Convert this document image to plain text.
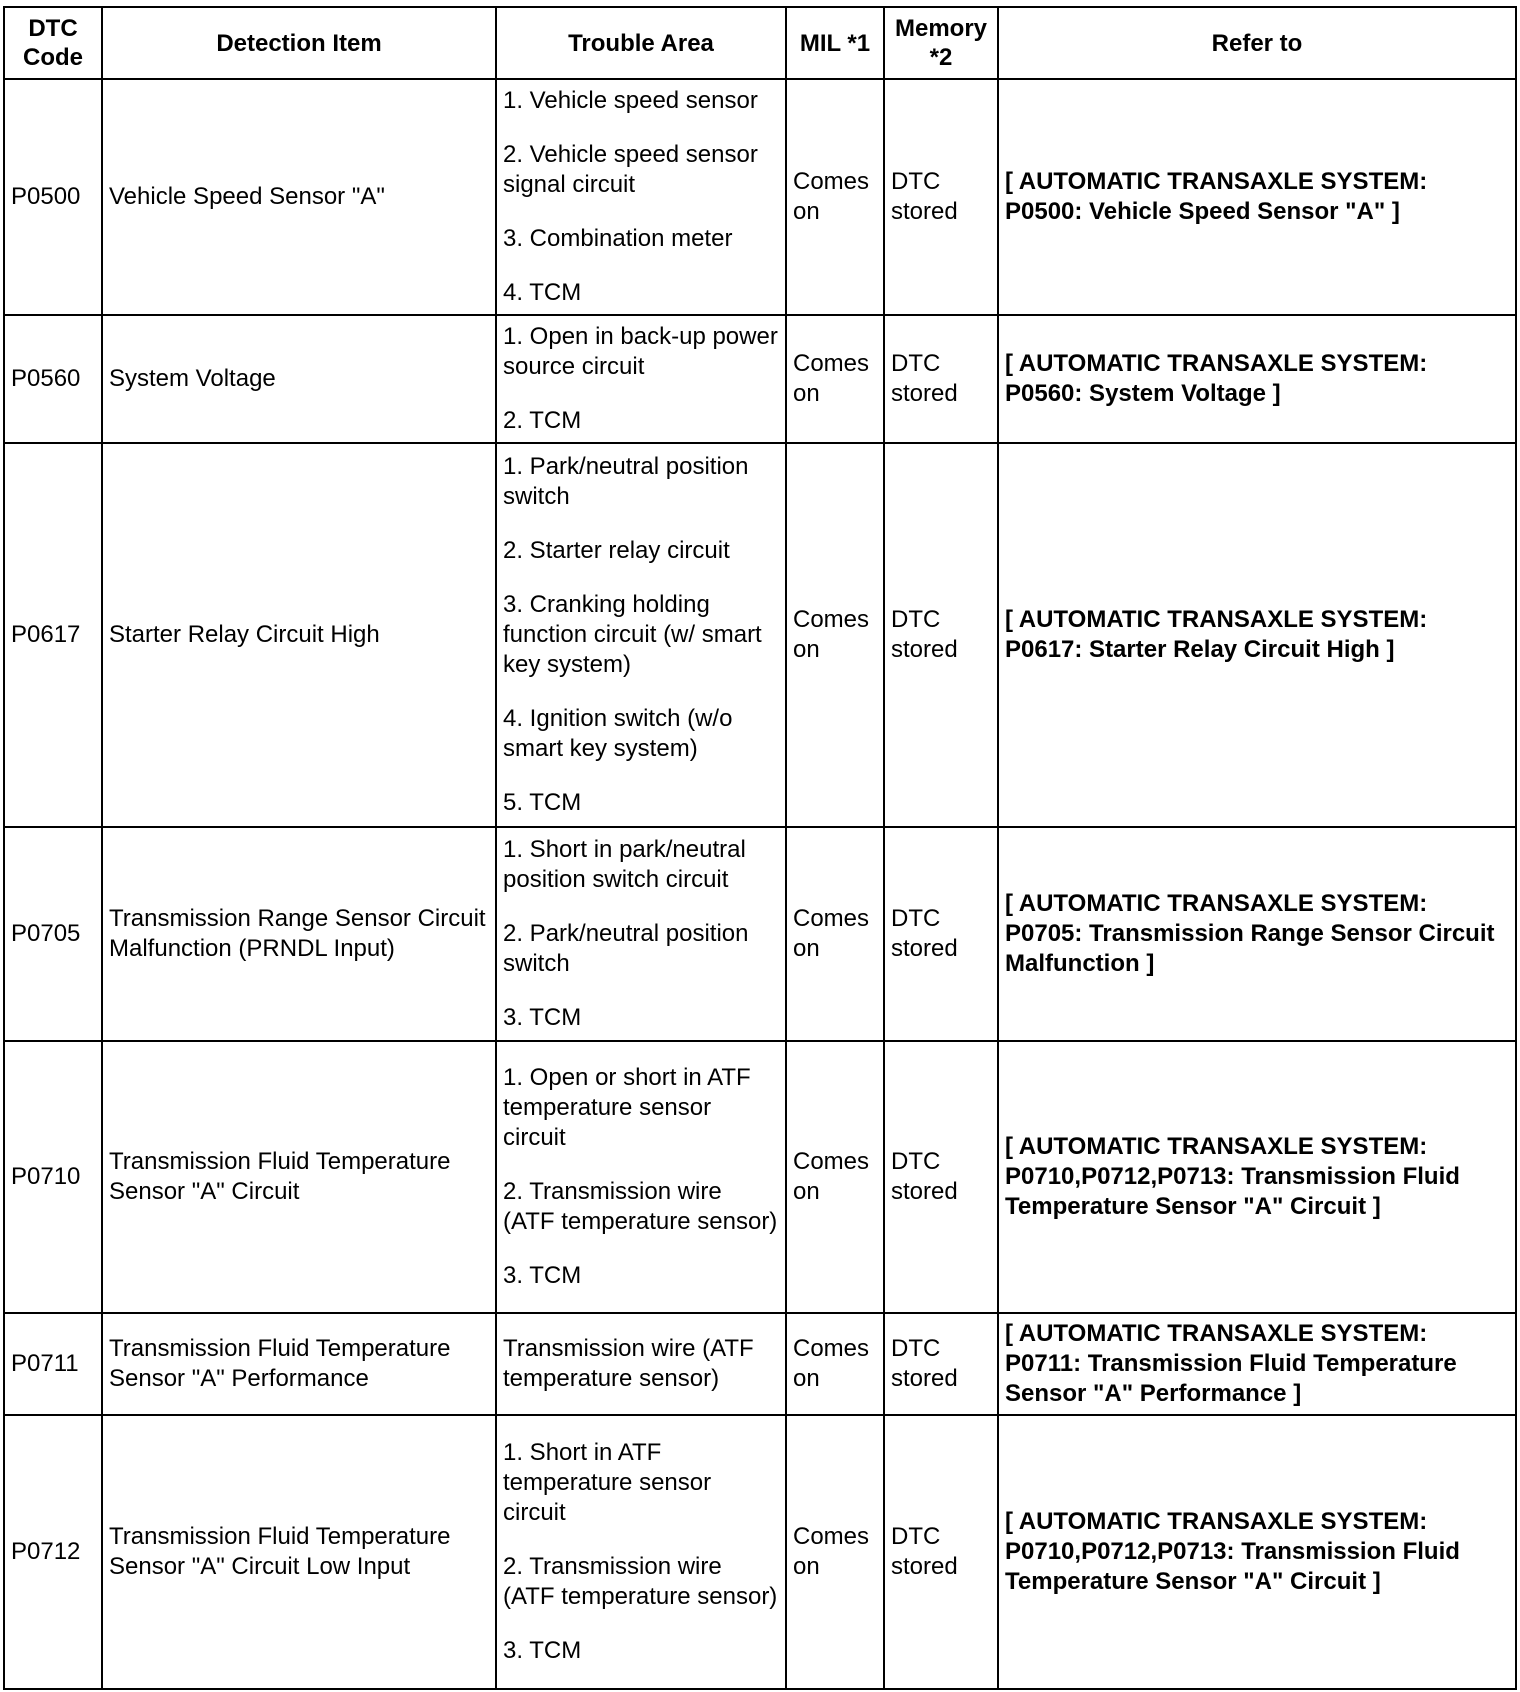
DTC Code	Detection Item	Trouble Area	MIL *1	Memory *2	Refer to
P0500	Vehicle Speed Sensor "A"	1. Vehicle speed sensor
2. Vehicle speed sensor signal circuit
3. Combination meter
4. TCM	Comes on	DTC stored	[ AUTOMATIC TRANSAXLE SYSTEM: P0500: Vehicle Speed Sensor "A" ]
P0560	System Voltage	1. Open in back-up power source circuit
2. TCM	Comes on	DTC stored	[ AUTOMATIC TRANSAXLE SYSTEM: P0560: System Voltage ]
P0617	Starter Relay Circuit High	1. Park/neutral position switch
2. Starter relay circuit
3. Cranking holding function circuit (w/ smart key system)
4. Ignition switch (w/o smart key system)
5. TCM	Comes on	DTC stored	[ AUTOMATIC TRANSAXLE SYSTEM: P0617: Starter Relay Circuit High ]
P0705	Transmission Range Sensor Circuit Malfunction (PRNDL Input)	1. Short in park/neutral position switch circuit
2. Park/neutral position switch
3. TCM	Comes on	DTC stored	[ AUTOMATIC TRANSAXLE SYSTEM: P0705: Transmission Range Sensor Circuit Malfunction ]
P0710	Transmission Fluid Temperature Sensor "A" Circuit	1. Open or short in ATF temperature sensor circuit
2. Transmission wire (ATF temperature sensor)
3. TCM	Comes on	DTC stored	[ AUTOMATIC TRANSAXLE SYSTEM: P0710,P0712,P0713: Transmission Fluid Temperature Sensor "A" Circuit ]
P0711	Transmission Fluid Temperature Sensor "A" Performance	Transmission wire (ATF temperature sensor)	Comes on	DTC stored	[ AUTOMATIC TRANSAXLE SYSTEM: P0711: Transmission Fluid Temperature Sensor "A" Performance ]
P0712	Transmission Fluid Temperature Sensor "A" Circuit Low Input	1. Short in ATF temperature sensor circuit
2. Transmission wire (ATF temperature sensor)
3. TCM	Comes on	DTC stored	[ AUTOMATIC TRANSAXLE SYSTEM: P0710,P0712,P0713: Transmission Fluid Temperature Sensor "A" Circuit ]
